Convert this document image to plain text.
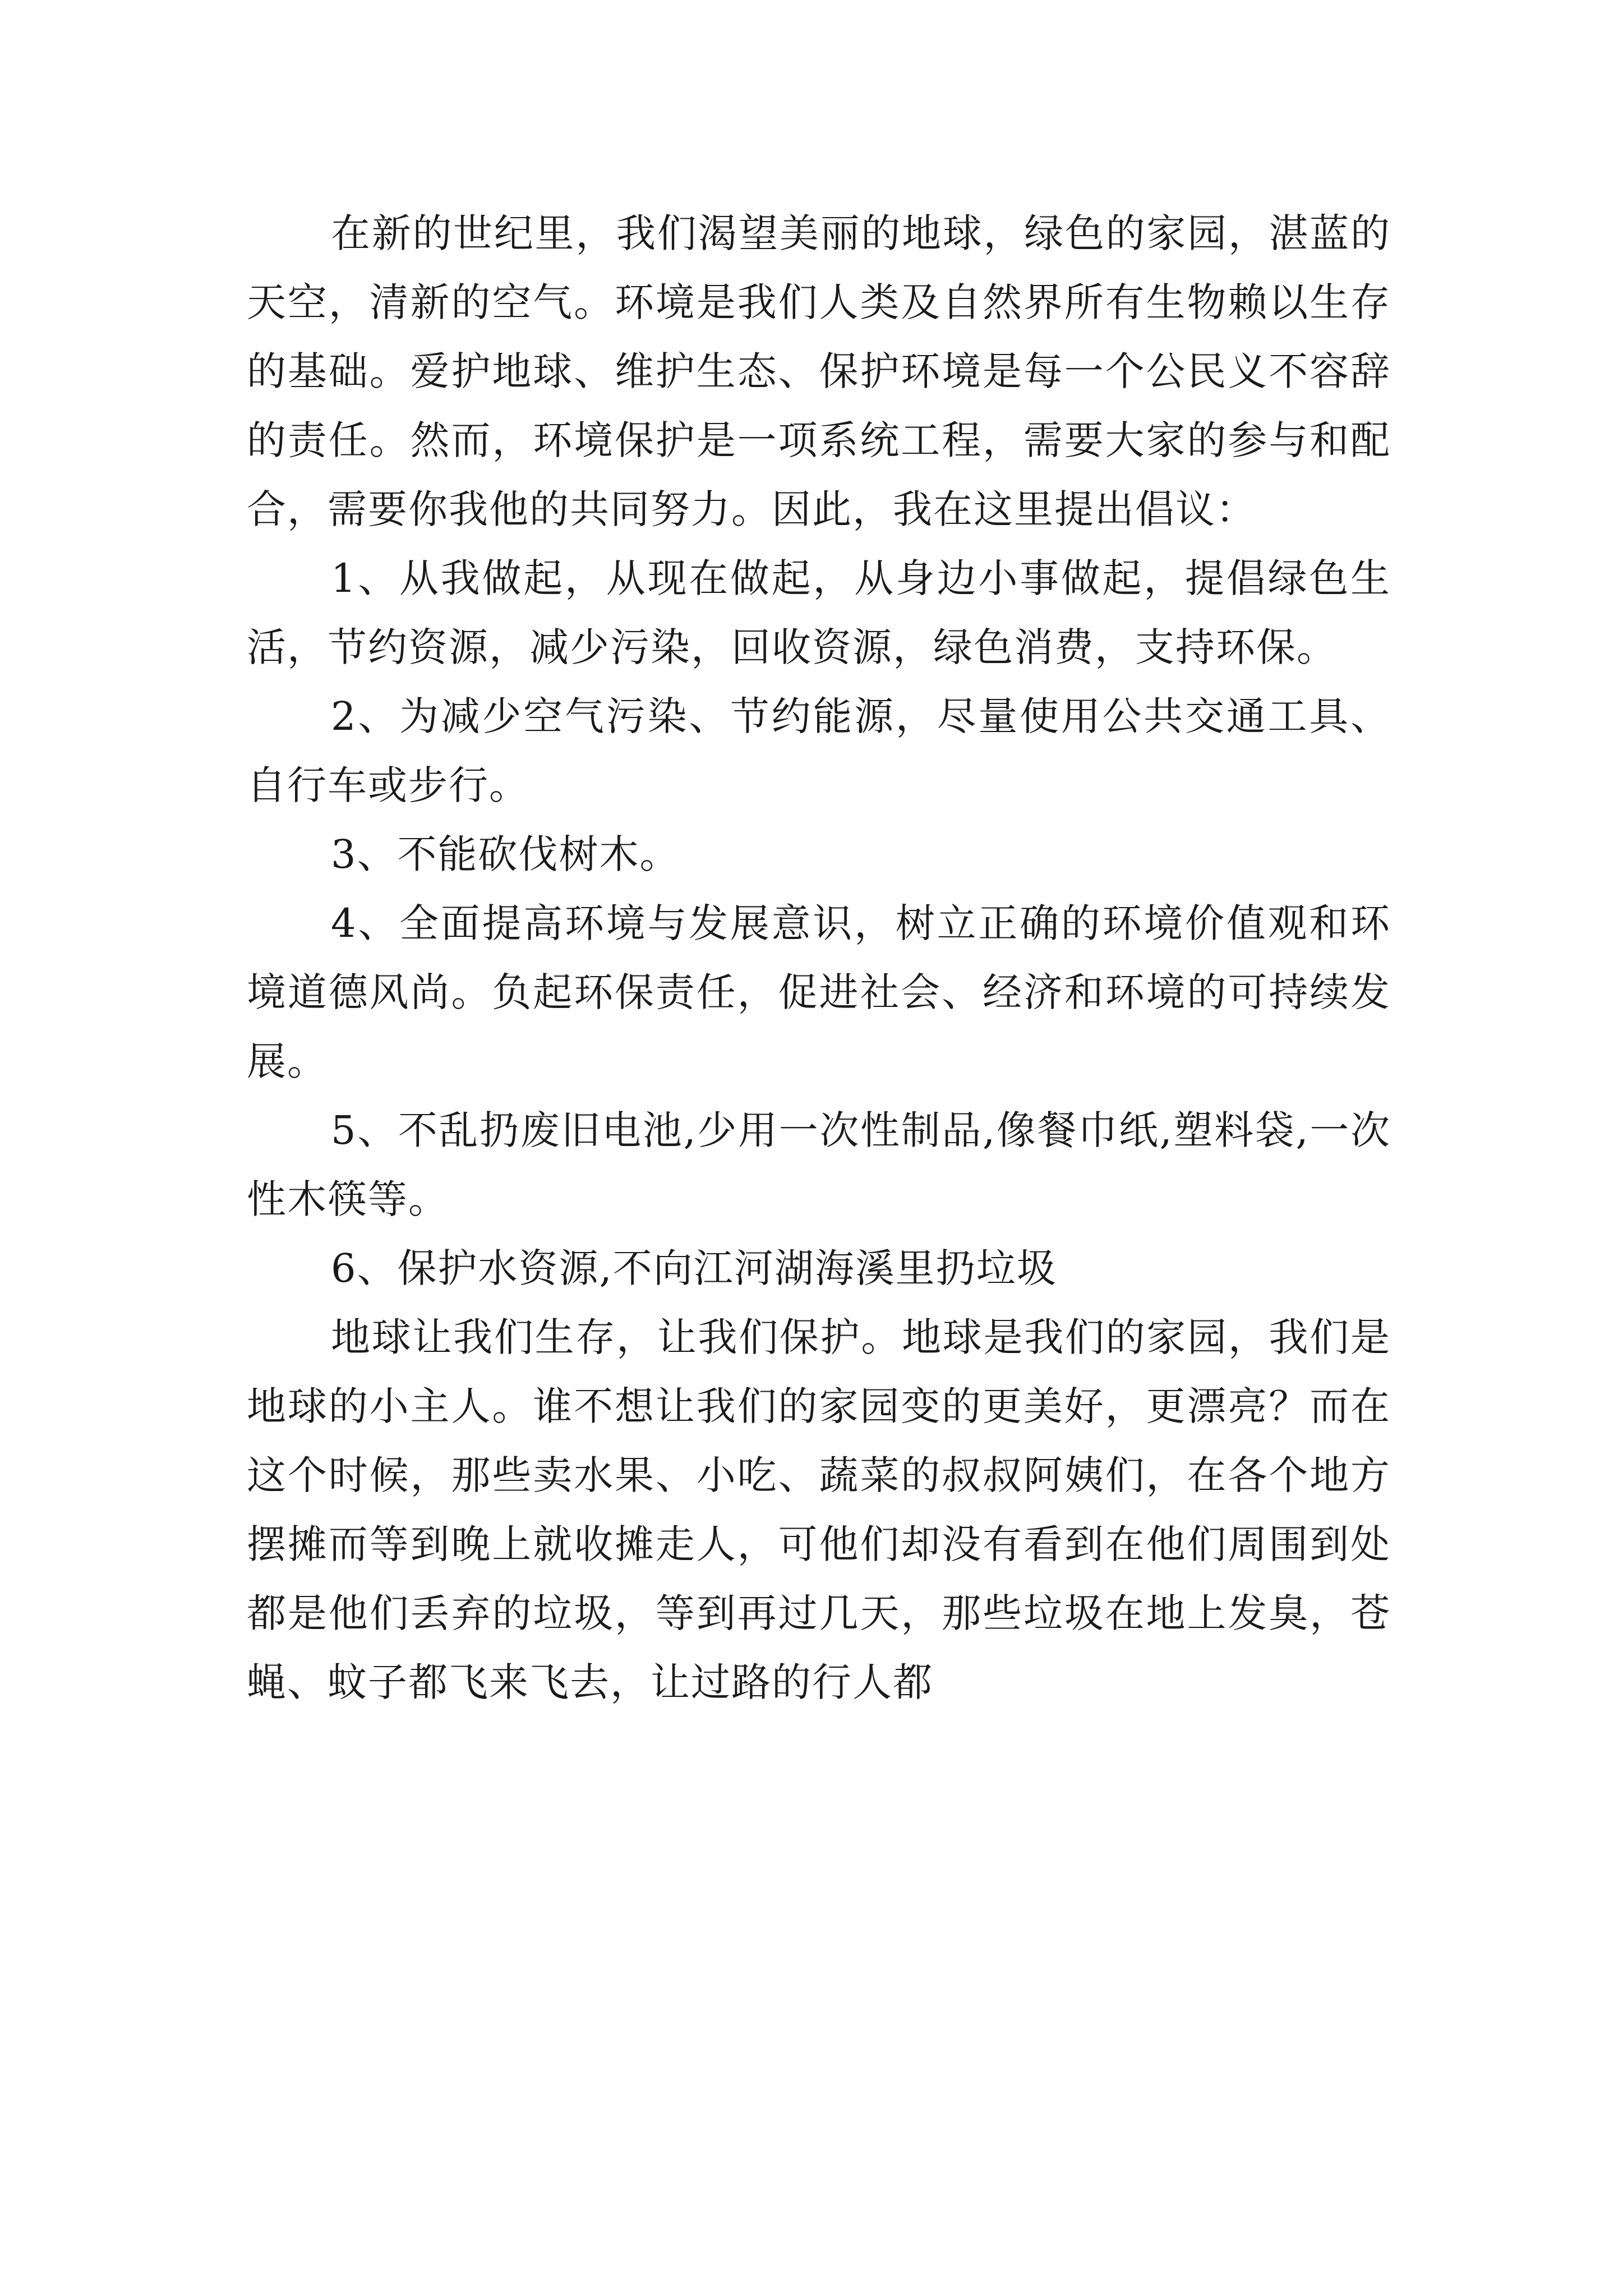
在新的世纪里，我们渴望美丽的地球，绿色的家园，湛蓝的天空，清新的空气。环境是我们人类及自然界所有生物赖以生存的基础。爱护地球、维护生态、保护环境是每一个公民义不容辞的责任。然而，环境保护是一项系统工程，需要大家的参与和配合，需要你我他的共同努力。因此，我在这里提出倡议：

1、从我做起，从现在做起，从身边小事做起，提倡绿色生活，节约资源，减少污染，回收资源，绿色消费，支持环保。

2、为减少空气污染、节约能源，尽量使用公共交通工具、自行车或步行。

3、不能砍伐树木。

4、全面提高环境与发展意识，树立正确的环境价值观和环境道德风尚。负起环保责任，促进社会、经济和环境的可持续发展。

5、不乱扔废旧电池,少用一次性制品,像餐巾纸,塑料袋,一次性木筷等。

6、保护水资源,不向江河湖海溪里扔垃圾

地球让我们生存，让我们保护。地球是我们的家园，我们是地球的小主人。谁不想让我们的家园变的更美好，更漂亮？而在这个时候，那些卖水果、小吃、蔬菜的叔叔阿姨们，在各个地方摆摊而等到晚上就收摊走人，可他们却没有看到在他们周围到处都是他们丢弃的垃圾，等到再过几天，那些垃圾在地上发臭，苍蝇、蚊子都飞来飞去，让过路的行人都
